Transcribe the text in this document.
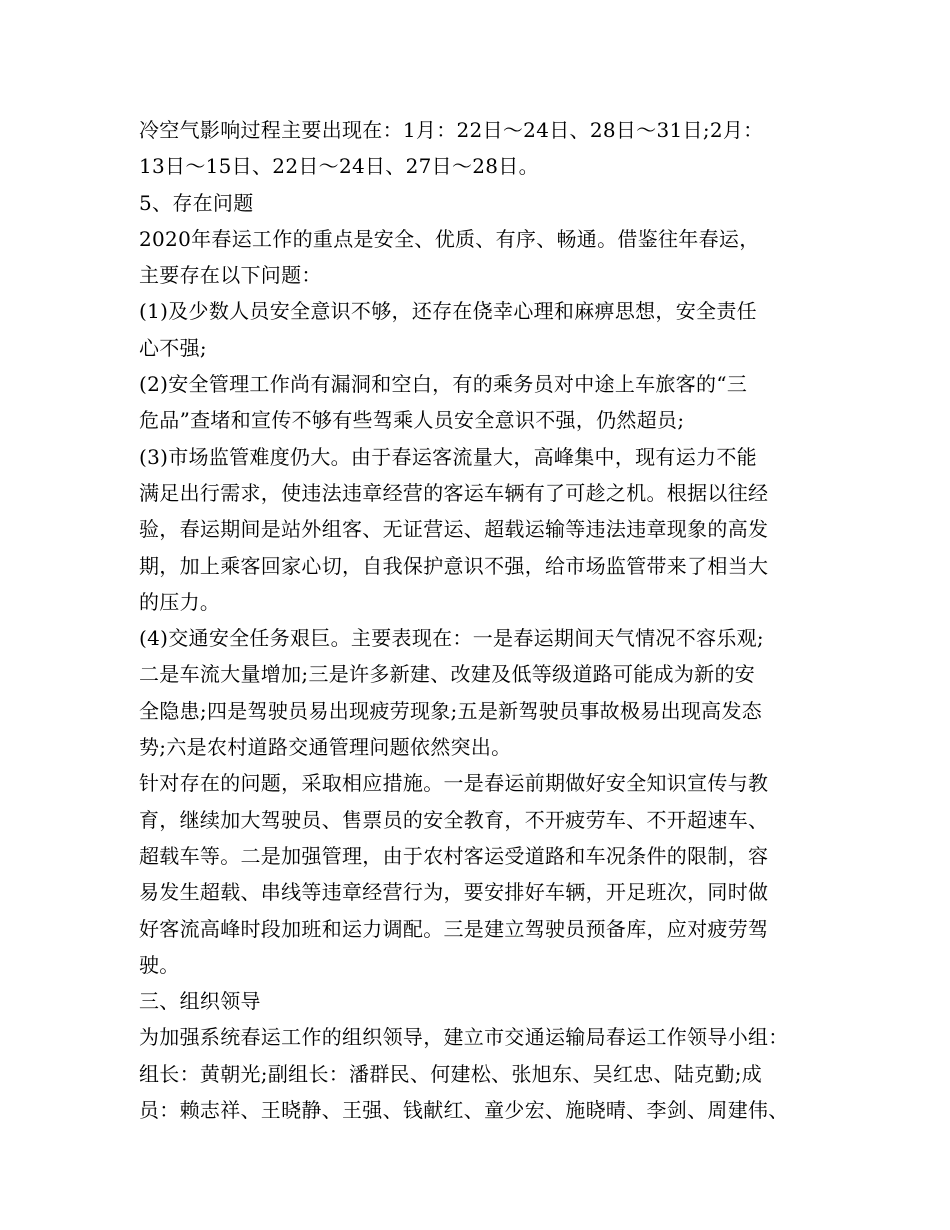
冷空气影响过程主要出现在：1月：22日～24日、28日～31日;2月：
13日～15日、22日～24日、27日～28日。
5、存在问题
2020年春运工作的重点是安全、优质、有序、畅通。借鉴往年春运，
主要存在以下问题：
(1)及少数人员安全意识不够，还存在侥幸心理和麻痹思想，安全责任
心不强;
(2)安全管理工作尚有漏洞和空白，有的乘务员对中途上车旅客的“三
危品”查堵和宣传不够有些驾乘人员安全意识不强，仍然超员;
(3)市场监管难度仍大。由于春运客流量大，高峰集中，现有运力不能
满足出行需求，使违法违章经营的客运车辆有了可趁之机。根据以往经
验，春运期间是站外组客、无证营运、超载运输等违法违章现象的高发
期，加上乘客回家心切，自我保护意识不强，给市场监管带来了相当大
的压力。
(4)交通安全任务艰巨。主要表现在：一是春运期间天气情况不容乐观;
二是车流大量增加;三是许多新建、改建及低等级道路可能成为新的安
全隐患;四是驾驶员易出现疲劳现象;五是新驾驶员事故极易出现高发态
势;六是农村道路交通管理问题依然突出。
针对存在的问题，采取相应措施。一是春运前期做好安全知识宣传与教
育，继续加大驾驶员、售票员的安全教育，不开疲劳车、不开超速车、
超载车等。二是加强管理，由于农村客运受道路和车况条件的限制，容
易发生超载、串线等违章经营行为，要安排好车辆，开足班次，同时做
好客流高峰时段加班和运力调配。三是建立驾驶员预备库，应对疲劳驾
驶。
三、组织领导
为加强系统春运工作的组织领导，建立市交通运输局春运工作领导小组：
组长：黄朝光;副组长：潘群民、何建松、张旭东、吴红忠、陆克勤;成
员：赖志祥、王晓静、王强、钱献红、童少宏、施晓晴、李剑、周建伟、
